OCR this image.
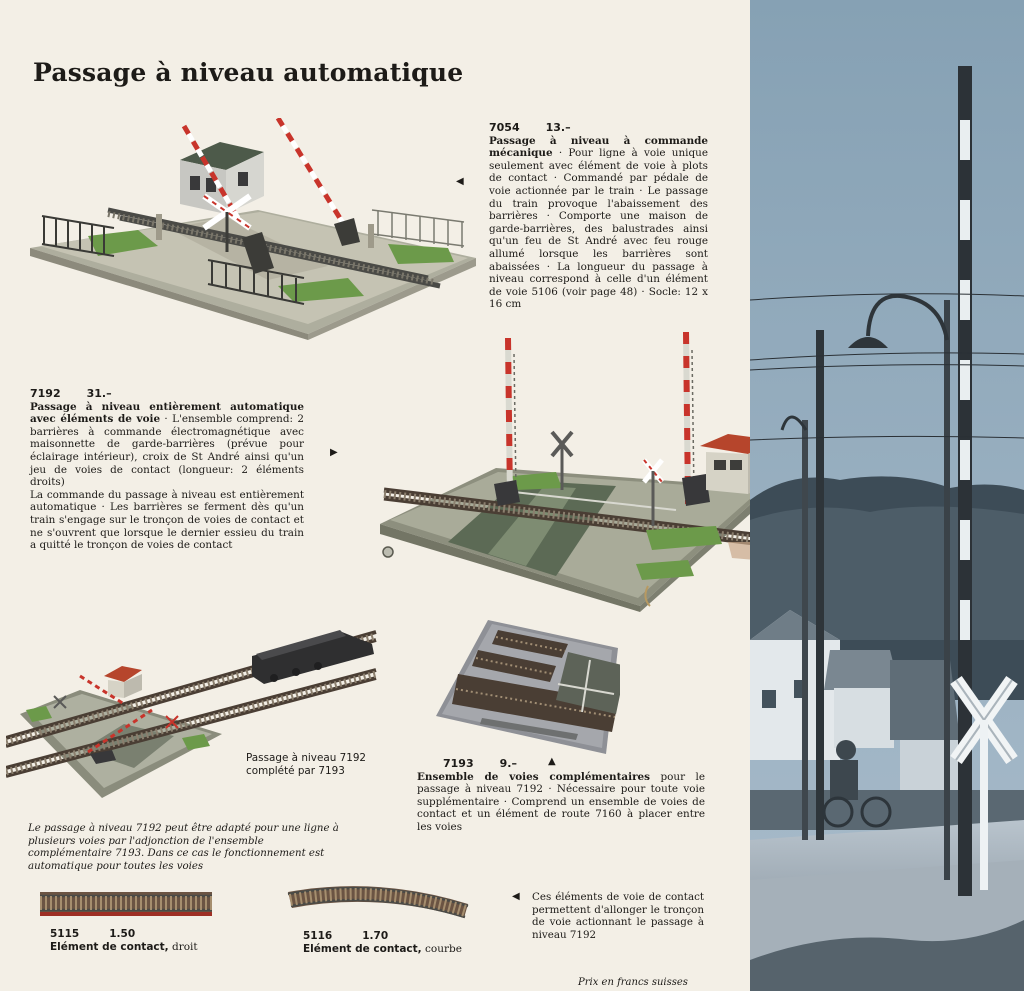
Passage à niveau automatique
◀

7054 13.–

Passage à niveau à commande mécanique · Pour ligne à voie unique seulement avec élément de voie à plots de contact · Commandé par pédale de voie actionnée par le train · Le passage du train provoque l'abaissement des barrières · Comporte une maison de garde-barrières, des balustrades ainsi qu'un feu de St André avec feu rouge allumé lorsque les barrières sont abaissées · La longueur du passage à niveau correspond à celle d'un élément de voie 5106 (voir page 48) · Socle: 12 x 16 cm

▶

7192 31.–

Passage à niveau entièrement automatique avec éléments de voie · L'ensemble comprend: 2 barrières à commande électromagnétique avec maisonnette de garde-barrières (prévue pour éclairage intérieur), croix de St André ainsi qu'un jeu de voies de contact (longueur: 2 éléments droits)

La commande du passage à niveau est entièrement automatique · Les barrières se ferment dès qu'un train s'engage sur le tronçon de voies de contact et ne s'ouvrent que lorsque le dernier essieu du train a quitté le tronçon de voies de contact

Passage à niveau 7192
complété par 7193
▲

7193 9.–

Ensemble de voies complémentaires pour le passage à niveau 7192 · Nécessaire pour toute voie supplémentaire · Comprend un ensemble de voies de contact et un élément de route 7160 à placer entre les voies

Le passage à niveau 7192 peut être adapté pour une ligne à plusieurs voies par l'adjonction de l'ensemble complémentaire 7193. Dans ce cas le fonctionnement est automatique pour toutes les voies
5115	1.50
Elément de contact, droit
5116	1.70
Elément de contact, courbe
◀ Ces éléments de voie de contact permettent d'allonger le tronçon de voie actionnant le passage à niveau 7192
Prix en francs suisses
